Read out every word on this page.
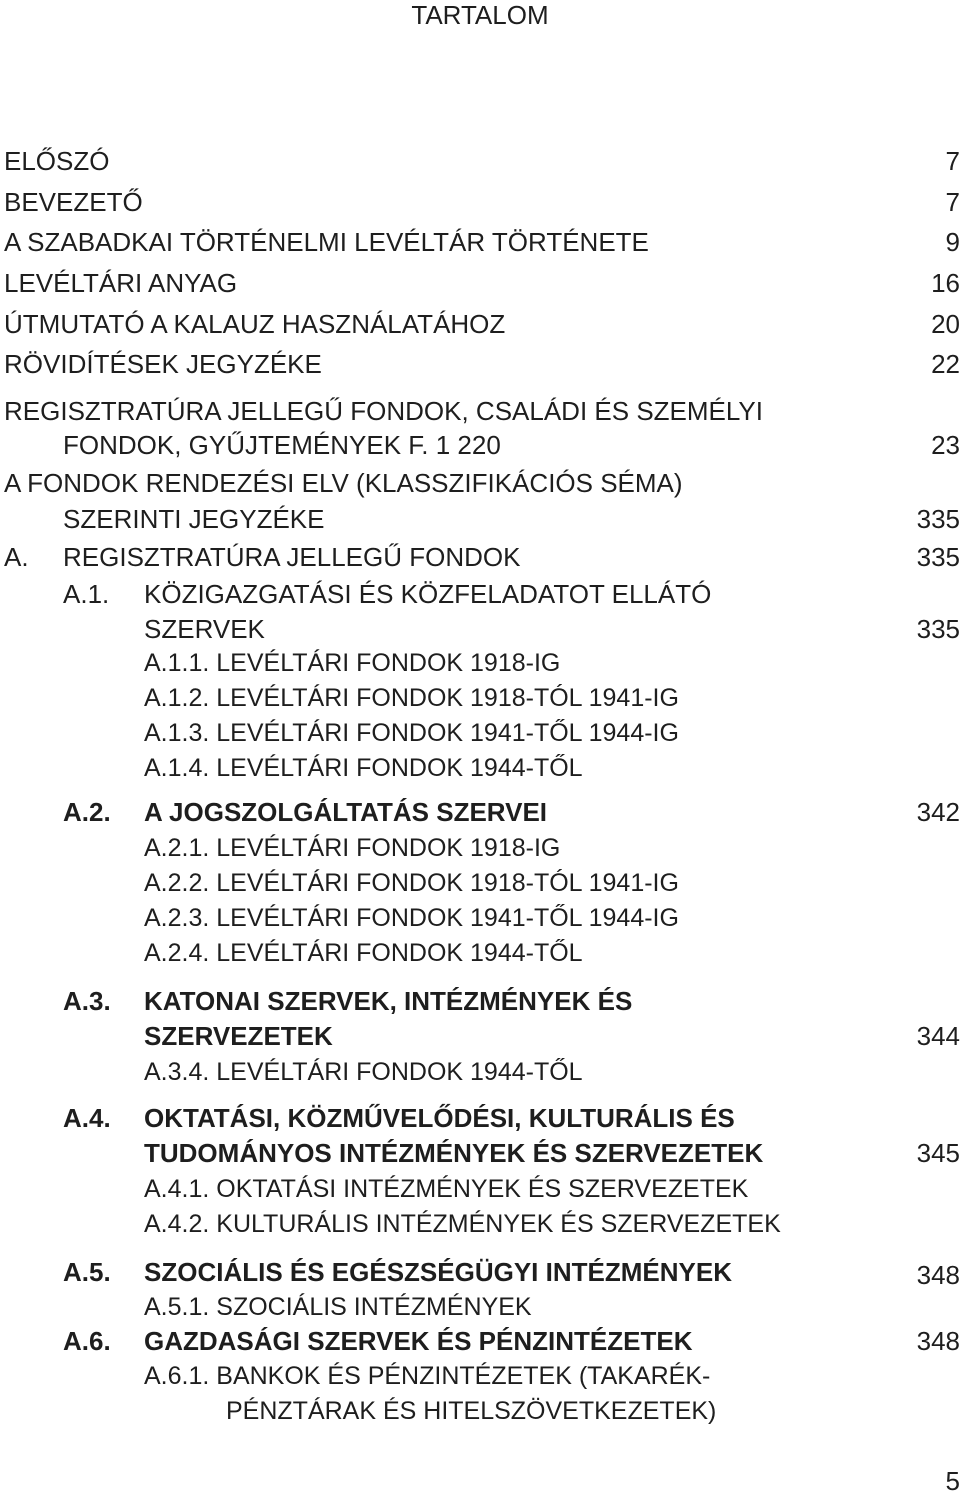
TARTALOM
ELŐSZÓ	7
BEVEZETŐ	7
A SZABADKAI TÖRTÉNELMI LEVÉLTÁR TÖRTÉNETE	9
LEVÉLTÁRI ANYAG	16
ÚTMUTATÓ A KALAUZ HASZNÁLATÁHOZ	20
RÖVIDÍTÉSEK JEGYZÉKE	22
REGISZTRATÚRA JELLEGŰ FONDOK, CSALÁDI ÉS SZEMÉLYI
FONDOK, GYŰJTEMÉNYEK F. 1 220	23
A FONDOK RENDEZÉSI ELV (KLASSZIFIKÁCIÓS SÉMA)
SZERINTI JEGYZÉKE	335
A. REGISZTRATÚRA JELLEGŰ FONDOK	335
A.1. KÖZIGAZGATÁSI ÉS KÖZFELADATOT ELLÁTÓ
SZERVEK	335
A.1.1. LEVÉLTÁRI FONDOK 1918-IG
A.1.2. LEVÉLTÁRI FONDOK 1918-TÓL 1941-IG
A.1.3. LEVÉLTÁRI FONDOK 1941-TŐL 1944-IG
A.1.4. LEVÉLTÁRI FONDOK 1944-TŐL
A.2. A JOGSZOLGÁLTATÁS SZERVEI	342
A.2.1. LEVÉLTÁRI FONDOK 1918-IG
A.2.2. LEVÉLTÁRI FONDOK 1918-TÓL 1941-IG
A.2.3. LEVÉLTÁRI FONDOK 1941-TŐL 1944-IG
A.2.4. LEVÉLTÁRI FONDOK 1944-TŐL
A.3. KATONAI SZERVEK, INTÉZMÉNYEK ÉS
SZERVEZETEK	344
A.3.4. LEVÉLTÁRI FONDOK 1944-TŐL
A.4. OKTATÁSI, KÖZMŰVELŐDÉSI, KULTURÁLIS ÉS
TUDOMÁNYOS INTÉZMÉNYEK ÉS SZERVEZETEK	345
A.4.1. OKTATÁSI INTÉZMÉNYEK ÉS SZERVEZETEK
A.4.2. KULTURÁLIS INTÉZMÉNYEK ÉS SZERVEZETEK
A.5. SZOCIÁLIS ÉS EGÉSZSÉGÜGYI INTÉZMÉNYEK	348
A.5.1. SZOCIÁLIS INTÉZMÉNYEK
A.6. GAZDASÁGI SZERVEK ÉS PÉNZINTÉZETEK	348
A.6.1. BANKOK ÉS PÉNZINTÉZETEK (TAKARÉK-
PÉNZTÁRAK ÉS HITELSZÖVETKEZETEK)
5
